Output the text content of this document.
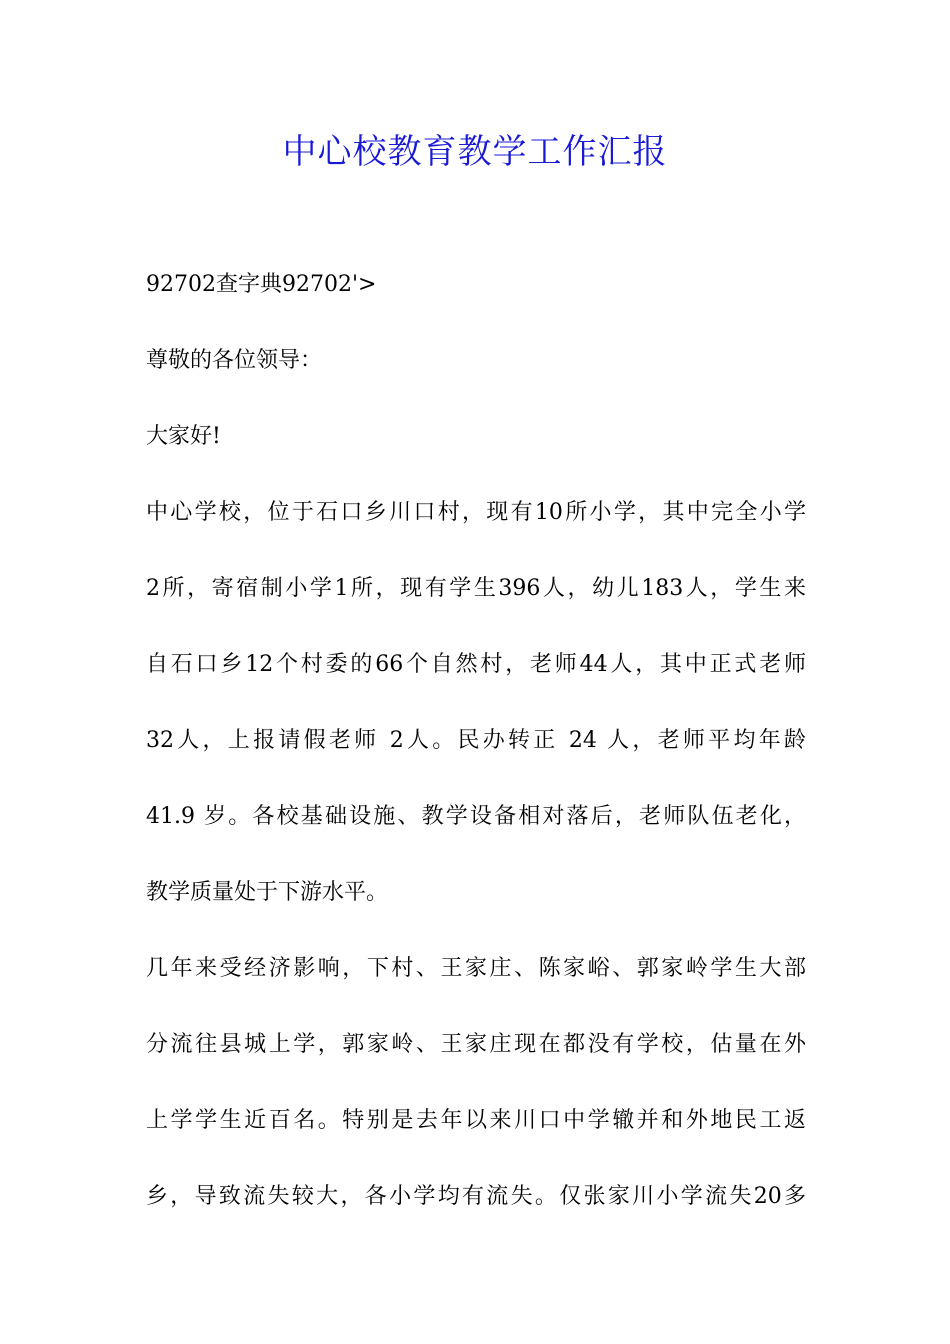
中心校教育教学工作汇报

92702查字典92702'>

尊敬的各位领导：

大家好!

中心学校，位于石口乡川口村，现有10所小学，其中完全小学

2所，寄宿制小学1所，现有学生396人，幼儿183人，学生来

自石口乡12个村委的66个自然村，老师44人，其中正式老师

32人，上报请假老师 2人。民办转正 24 人，老师平均年龄

41.9 岁。各校基础设施、教学设备相对落后，老师队伍老化，

教学质量处于下游水平。

几年来受经济影响，下村、王家庄、陈家峪、郭家岭学生大部

分流往县城上学，郭家岭、王家庄现在都没有学校，估量在外

上学学生近百名。特别是去年以来川口中学辙并和外地民工返

乡，导致流失较大，各小学均有流失。仅张家川小学流失20多
